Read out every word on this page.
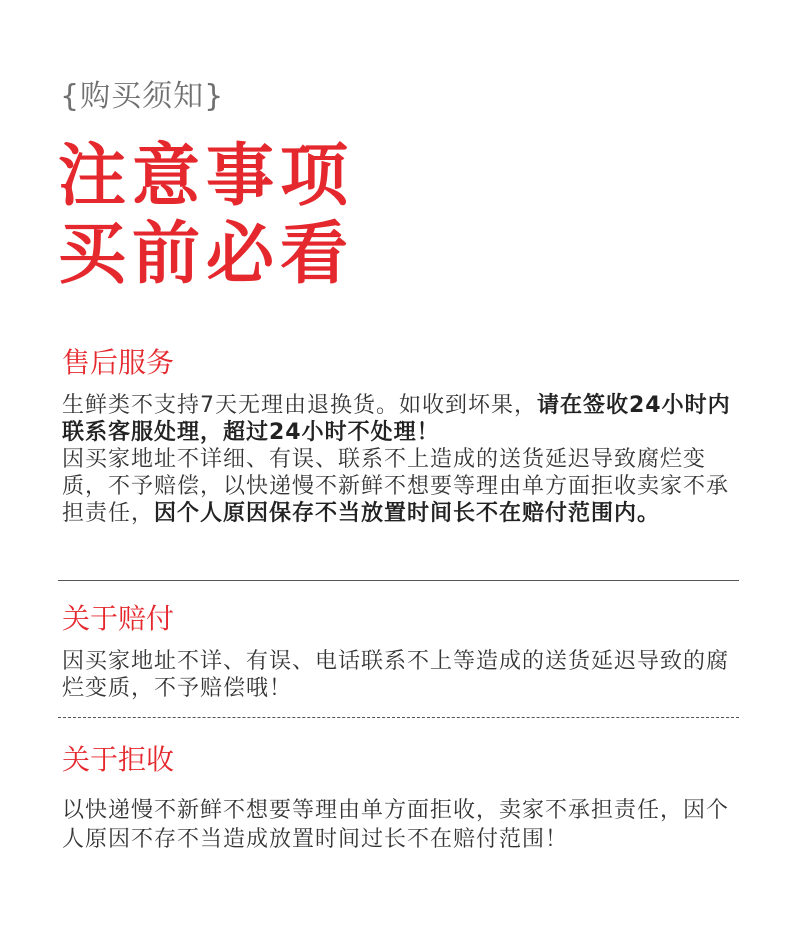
{购买须知}
注意事项
买前必看
售后服务
生鲜类不支持7天无理由退换货。如收到坏果，请在签收24小时内联系客服处理，超过24小时不处理！
因买家地址不详细、有误、联系不上造成的送货延迟导致腐烂变质，不予赔偿，以快递慢不新鲜不想要等理由单方面拒收卖家不承担责任，因个人原因保存不当放置时间长不在赔付范围内。
关于赔付
因买家地址不详、有误、电话联系不上等造成的送货延迟导致的腐烂变质，不予赔偿哦！
关于拒收
以快递慢不新鲜不想要等理由单方面拒收，卖家不承担责任，因个人原因不存不当造成放置时间过长不在赔付范围！
